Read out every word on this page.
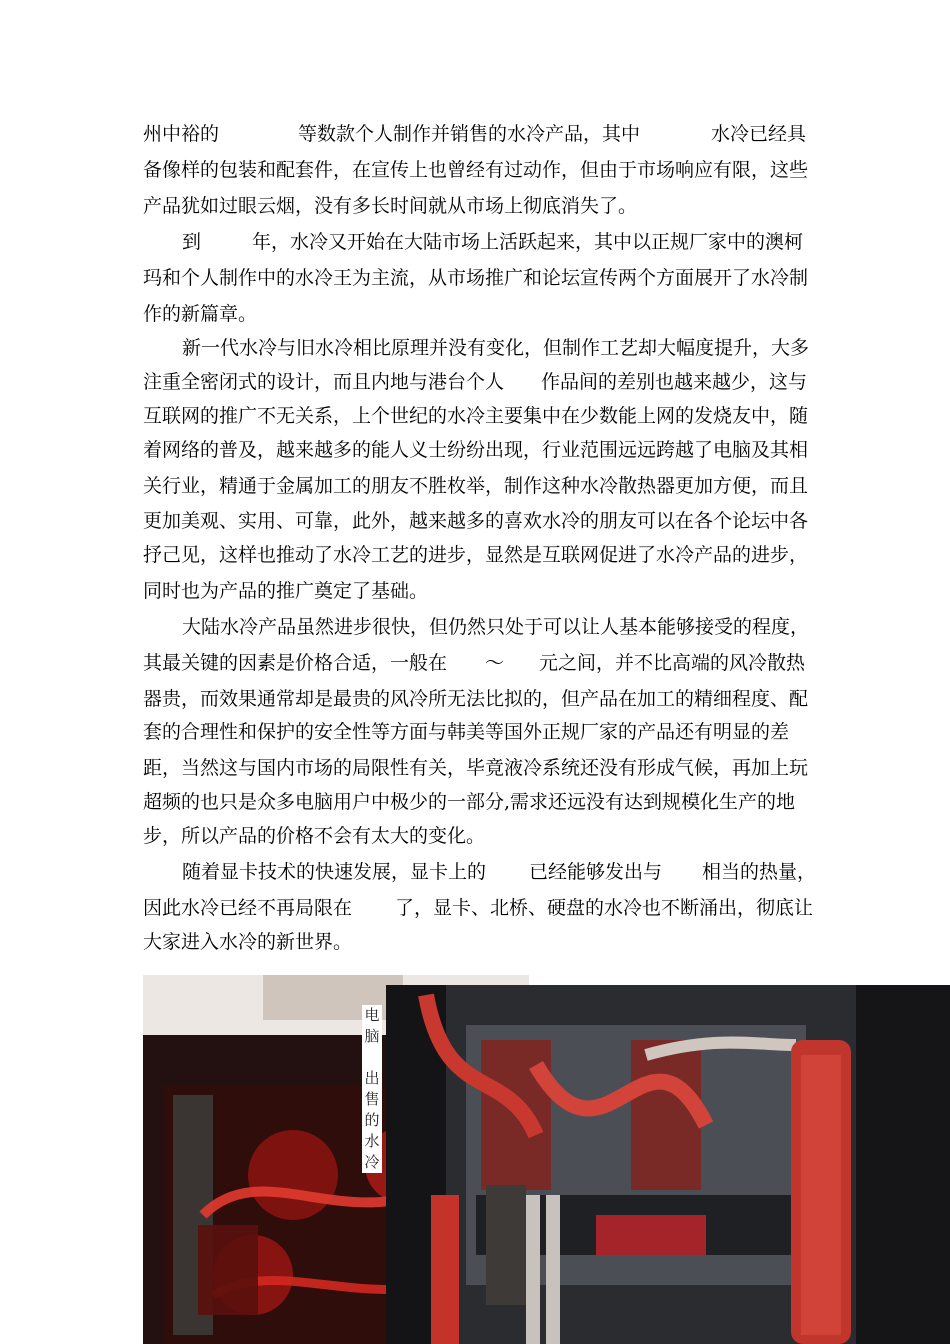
州中裕的	等数款个人制作并销售的水冷产品，其中	水冷已经具
备像样的包装和配套件，在宣传上也曾经有过动作，但由于市场响应有限，这些
产品犹如过眼云烟，没有多长时间就从市场上彻底消失了。
到	年，水冷又开始在大陆市场上活跃起来，其中以正规厂家中的澳柯
玛和个人制作中的水冷王为主流，从市场推广和论坛宣传两个方面展开了水冷制
作的新篇章。
新一代水冷与旧水冷相比原理并没有变化，但制作工艺却大幅度提升，大多
注重全密闭式的设计，而且内地与港台个人 作品间的差别也越来越少，这与
互联网的推广不无关系，上个世纪的水冷主要集中在少数能上网的发烧友中，随
着网络的普及，越来越多的能人义士纷纷出现，行业范围远远跨越了电脑及其相
关行业，精通于金属加工的朋友不胜枚举，制作这种水冷散热器更加方便，而且
更加美观、实用、可靠，此外，越来越多的喜欢水冷的朋友可以在各个论坛中各
抒己见，这样也推动了水冷工艺的进步，显然是互联网促进了水冷产品的进步，
同时也为产品的推广奠定了基础。
大陆水冷产品虽然进步很快，但仍然只处于可以让人基本能够接受的程度，
其最关键的因素是价格合适，一般在 ～ 元之间，并不比高端的风冷散热
器贵，而效果通常却是最贵的风冷所无法比拟的，但产品在加工的精细程度、配
套的合理性和保护的安全性等方面与韩美等国外正规厂家的产品还有明显的差
距，当然这与国内市场的局限性有关，毕竟液冷系统还没有形成气候，再加上玩
超频的也只是众多电脑用户中极少的一部分,需求还远没有达到规模化生产的地
步，所以产品的价格不会有太大的变化。
随着显卡技术的快速发展，显卡上的 已经能够发出与 相当的热量，
因此水冷已经不再局限在 了，显卡、北桥、硬盘的水冷也不断涌出，彻底让
大家进入水冷的新世界。
电
脑

出
售
的
水
冷
